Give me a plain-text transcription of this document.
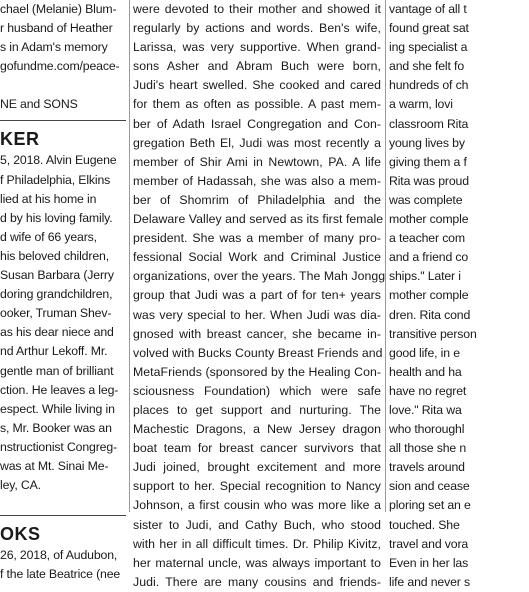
chael (Melanie) Blum-
r husband of Heather
s in Adam's memory
gofundme.com/peace-
NE and SONS
KER
5, 2018. Alvin Eugene
f Philadelphia, Elkins
lied at his home in
d by his loving family.
d wife of 66 years,
his beloved children,
Susan Barbara (Jerry
doring grandchildren,
ooker, Truman Shev-
as his dear niece and
nd Arthur Lekoff. Mr.
gentle man of brilliant
ction. He leaves a leg-
espect. While living in
s, Mr. Booker was an
nstructionist Congreg-
was at Mt. Sinai Me-
ley, CA.
OKS
26, 2018, of Audubon,
f the late Beatrice (nee
were devoted to their mother and showed it
regularly by actions and words. Ben's wife,
Larissa, was very supportive. When grand-
sons Asher and Abram Buch were born,
Judi's heart swelled. She cooked and cared
for them as often as possible. A past mem-
ber of Adath Israel Congregation and Con-
gregation Beth El, Judi was most recently a
member of Shir Ami in Newtown, PA. A life
member of Hadassah, she was also a mem-
ber of Shomrim of Philadelphia and the
Delaware Valley and served as its first female
president. She was a member of many pro-
fessional Social Work and Criminal Justice
organizations, over the years. The Mah Jongg
group that Judi was a part of for ten+ years
was very special to her. When Judi was dia-
gnosed with breast cancer, she became in-
volved with Bucks County Breast Friends and
MetaFriends (sponsored by the Healing Con-
sciousness Foundation) which were safe
places to get support and nurturing. The
Machestic Dragons, a New Jersey dragon
boat team for breast cancer survivors that
Judi joined, brought excitement and more
support to her. Special recognition to Nancy
Johnson, a first cousin who was more like a
sister to Judi, and Cathy Buch, who stood
with her in all difficult times. Dr. Philip Kivitz,
her maternal uncle, was always important to
Judi. There are many cousins and friends-
vantage of all t
found great sat
ing specialist a
and she felt fo
hundreds of ch
a warm, lovi
classroom Rita
young lives by
giving them a f
Rita was proud
was complete
mother comple
a teacher com
and a friend co
ships." Later i
mother comple
dren. Rita cond
transitive person
good life, in e
health and ha
have no regret
love." Rita wa
who thoroughl
all those she n
travels around
sion and cease
ploring set an e
touched. She
travel and vora
Even in her las
life and never s
